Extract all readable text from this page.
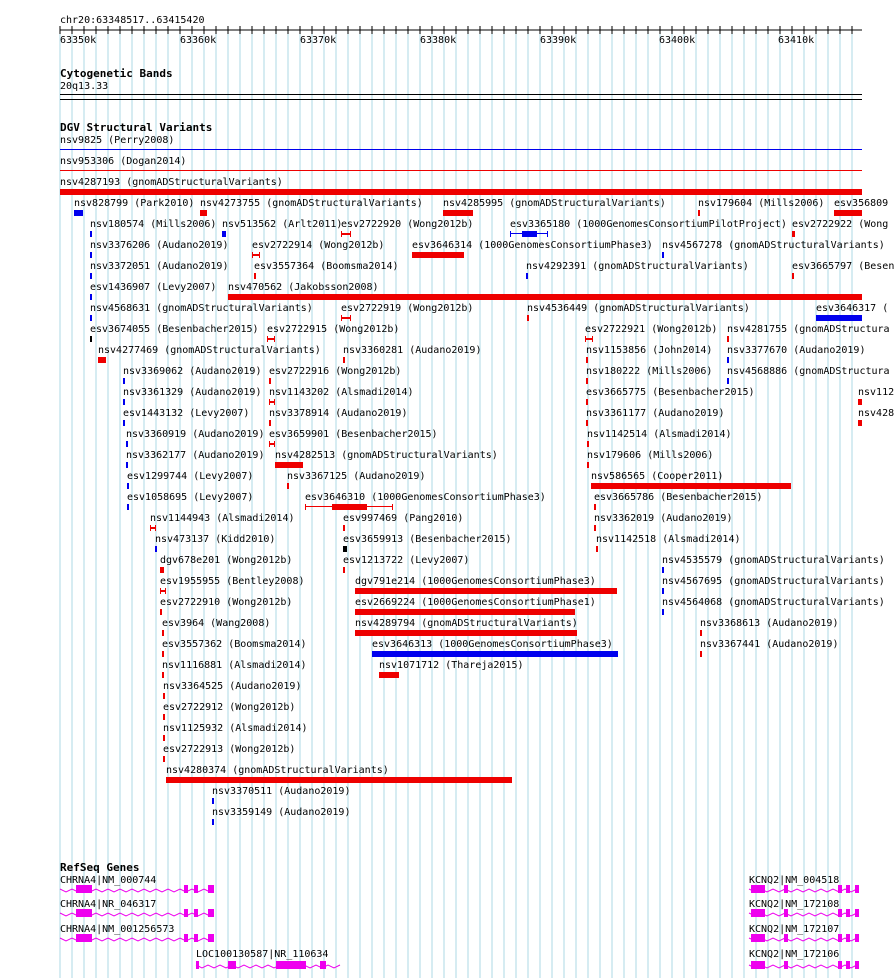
chr20:63348517..63415420
63350k	63360k	63370k	63380k	63390k	63400k	63410k
Cytogenetic Bands
20q13.33
DGV Structural Variants
nsv9825 (Perry2008)
nsv953306 (Dogan2014)
nsv4287193 (gnomADStructuralVariants)
nsv828799 (Park2010) nsv4273755 (gnomADStructuralVariants) nsv4285995 (gnomADStructuralVariants)	nsv179604 (Mills2006) esv356809
nsv180574 (Mills2006) nsv513562 (Arlt2011)
esv2722920 (Wong2012b)	esv3365180 (1000GenomesConsortiumPilotProject) esv2722922 (Wong
nsv3376206 (Audano2019) esv2722914 (Wong2012b)	esv3646314 (1000GenomesConsortiumPhase3) nsv4567278 (gnomADStructuralVariants)
nsv3372051 (Audano2019)	esv3557364 (Boomsma2014)	nsv4292391 (gnomADStructuralVariants)	esv3665797 (Besen
esv1436907 (Levy2007) nsv470562 (Jakobsson2008)
nsv4568631 (gnomADStructuralVariants)	esv2722919 (Wong2012b)	nsv4536449 (gnomADStructuralVariants)	esv3646317 (
esv3674055 (Besenbacher2015) esv2722915 (Wong2012b)	esv2722921 (Wong2012b) nsv4281755 (gnomADStructura
nsv4277469 (gnomADStructuralVariants) nsv3360281 (Audano2019)	nsv1153856 (John2014) nsv3377670 (Audano2019)
nsv3369062 (Audano2019) esv2722916 (Wong2012b)	nsv180222 (Mills2006) nsv4568886 (gnomADStructura
nsv3361329 (Audano2019) nsv1143202 (Alsmadi2014)	esv3665775 (Besenbacher2015)	nsv112
esv1443132 (Levy2007) nsv3378914 (Audano2019)	nsv3361177 (Audano2019)	nsv428
nsv3360919 (Audano2019) esv3659901 (Besenbacher2015)	nsv1142514 (Alsmadi2014)
nsv3362177 (Audano2019) nsv4282513 (gnomADStructuralVariants)	nsv179606 (Mills2006)
esv1299744 (Levy2007)	nsv3367125 (Audano2019)	nsv586565 (Cooper2011)
esv1058695 (Levy2007)	esv3646310 (1000GenomesConsortiumPhase3)	esv3665786 (Besenbacher2015)
nsv1144943 (Alsmadi2014)	esv997469 (Pang2010)	nsv3362019 (Audano2019)
nsv473137 (Kidd2010)	esv3659913 (Besenbacher2015)	nsv1142518 (Alsmadi2014)
dgv678e201 (Wong2012b)	esv1213722 (Levy2007)	nsv4535579 (gnomADStructuralVariants)
esv1955955 (Bentley2008)	dgv791e214 (1000GenomesConsortiumPhase3)	nsv4567695 (gnomADStructuralVariants)
esv2722910 (Wong2012b)	esv2669224 (1000GenomesConsortiumPhase1)	nsv4564068 (gnomADStructuralVariants)
esv3964 (Wang2008)	nsv4289794 (gnomADStructuralVariants)	nsv3368613 (Audano2019)
esv3557362 (Boomsma2014)	esv3646313 (1000GenomesConsortiumPhase3)	nsv3367441 (Audano2019)
nsv1116881 (Alsmadi2014)	nsv1071712 (Thareja2015)
nsv3364525 (Audano2019)
esv2722912 (Wong2012b)
nsv1125932 (Alsmadi2014)
esv2722913 (Wong2012b)
nsv4280374 (gnomADStructuralVariants)
nsv3370511 (Audano2019)
nsv3359149 (Audano2019)
RefSeq Genes
CHRNA4|NM_000744
CHRNA4|NR_046317
CHRNA4|NM_001256573
LOC100130587|NR_110634
KCNQ2|NM_004518
KCNQ2|NM_172108
KCNQ2|NM_172107
KCNQ2|NM_172106
